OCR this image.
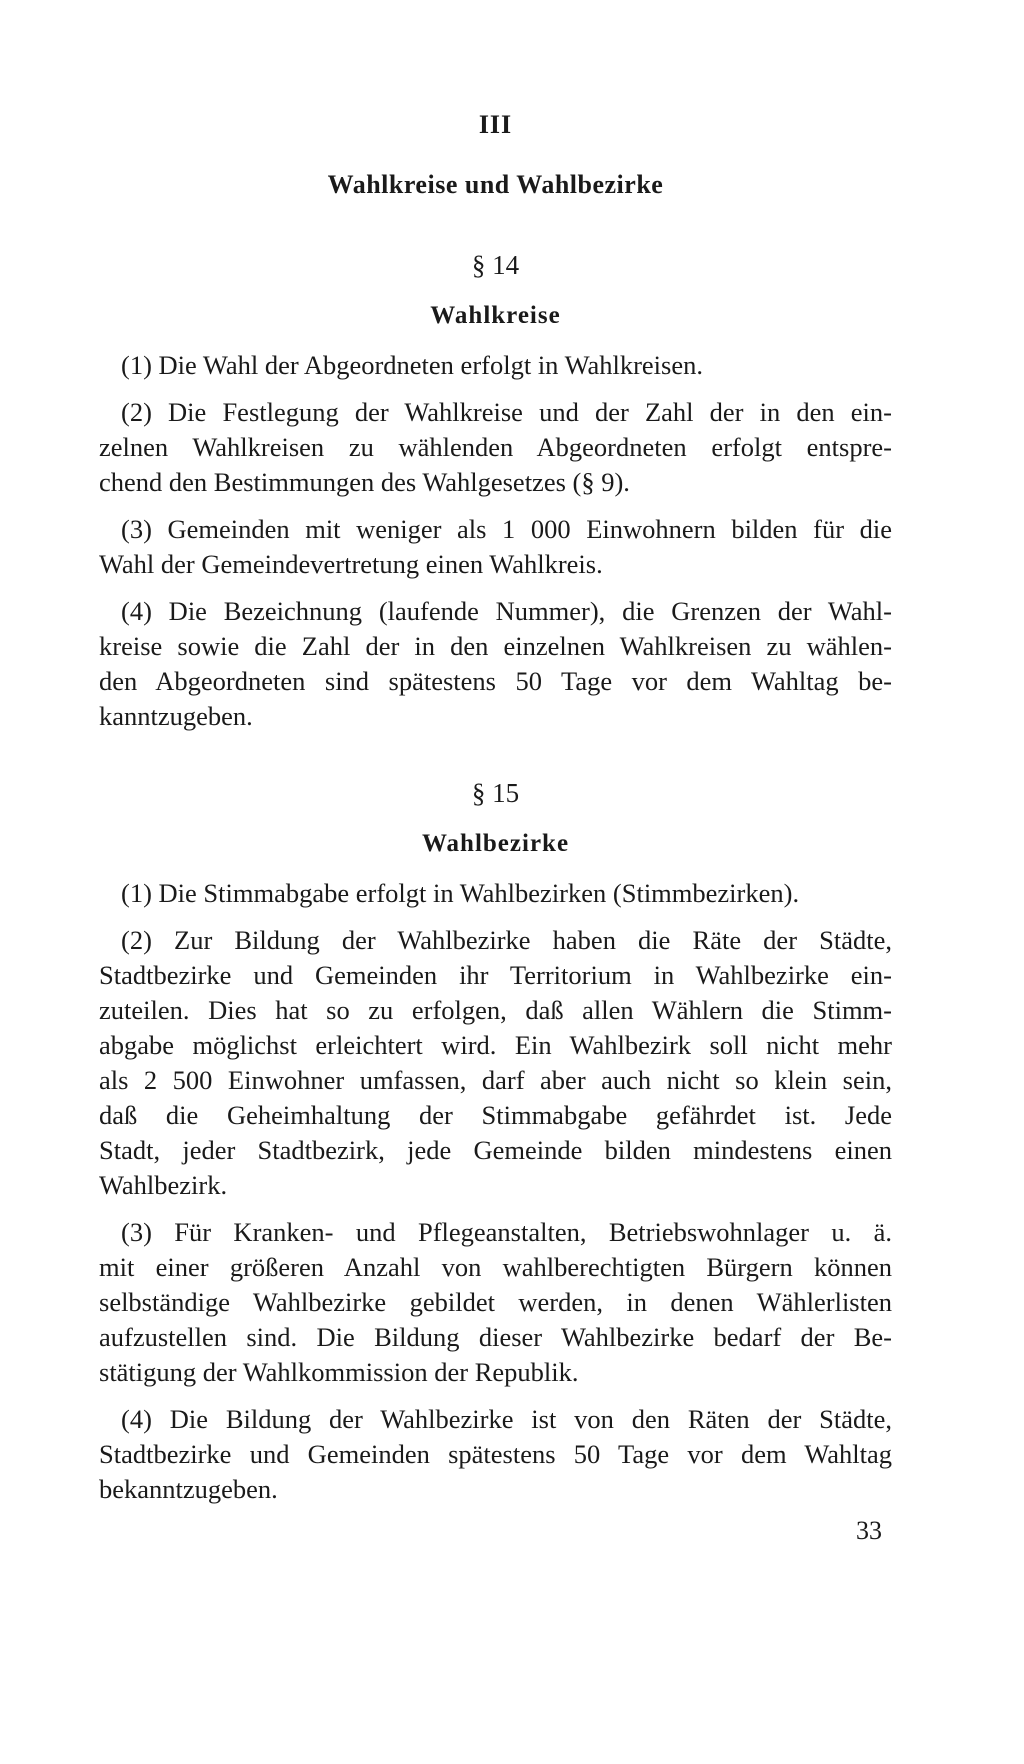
III
Wahlkreise und Wahlbezirke
§ 14
Wahlkreise

(1) Die Wahl der Abgeordneten erfolgt in Wahlkreisen.

(2) Die Festlegung der Wahlkreise und der Zahl der in den ein-
zelnen Wahlkreisen zu wählenden Abgeordneten erfolgt entspre-
chend den Bestimmungen des Wahlgesetzes (§ 9).

(3) Gemeinden mit weniger als 1 000 Einwohnern bilden für die
Wahl der Gemeindevertretung einen Wahlkreis.

(4) Die Bezeichnung (laufende Nummer), die Grenzen der Wahl-
kreise sowie die Zahl der in den einzelnen Wahlkreisen zu wählen-
den Abgeordneten sind spätestens 50 Tage vor dem Wahltag be-
kanntzugeben.

§ 15
Wahlbezirke

(1) Die Stimmabgabe erfolgt in Wahlbezirken (Stimmbezirken).

(2) Zur Bildung der Wahlbezirke haben die Räte der Städte,
Stadtbezirke und Gemeinden ihr Territorium in Wahlbezirke ein-
zuteilen. Dies hat so zu erfolgen, daß allen Wählern die Stimm-
abgabe möglichst erleichtert wird. Ein Wahlbezirk soll nicht mehr
als 2 500 Einwohner umfassen, darf aber auch nicht so klein sein,
daß die Geheimhaltung der Stimmabgabe gefährdet ist. Jede
Stadt, jeder Stadtbezirk, jede Gemeinde bilden mindestens einen
Wahlbezirk.

(3) Für Kranken- und Pflegeanstalten, Betriebswohnlager u. ä.
mit einer größeren Anzahl von wahlberechtigten Bürgern können
selbständige Wahlbezirke gebildet werden, in denen Wählerlisten
aufzustellen sind. Die Bildung dieser Wahlbezirke bedarf der Be-
stätigung der Wahlkommission der Republik.

(4) Die Bildung der Wahlbezirke ist von den Räten der Städte,
Stadtbezirke und Gemeinden spätestens 50 Tage vor dem Wahltag
bekanntzugeben.

33
